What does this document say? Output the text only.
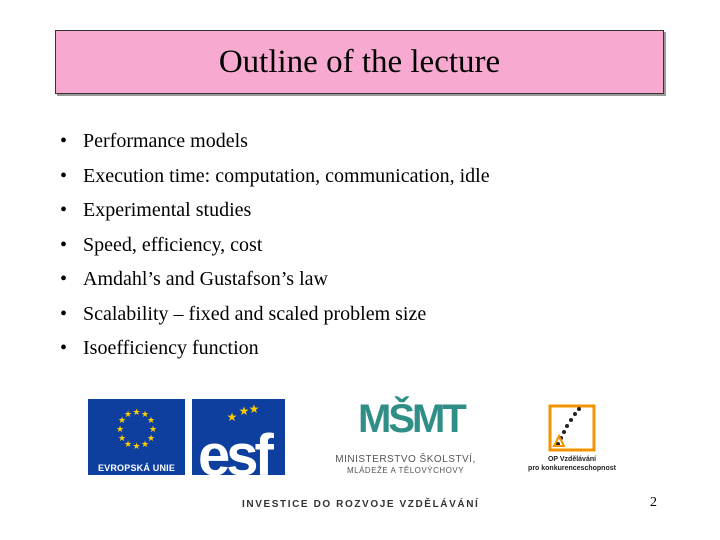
Outline of the lecture
• Performance models
• Execution time: computation, communication, idle
• Experimental studies
• Speed, efficiency, cost
• Amdahl’s and Gustafson’s law
• Scalability – fixed and scaled problem size
• Isoefficiency function
★ ★
★
★
★
★
★
★
★
★
★
★
EVROPSKÁ UNIE
★ ★ ★
esf
MŠMT
MINISTERSTVO ŠKOLSTVÍ,
MLÁDEŽE A TĚLOVÝCHOVY
OP Vzdělávání
pro konkurenceschopnost
INVESTICE DO ROZVOJE VZDĚLÁVÁNÍ	2
